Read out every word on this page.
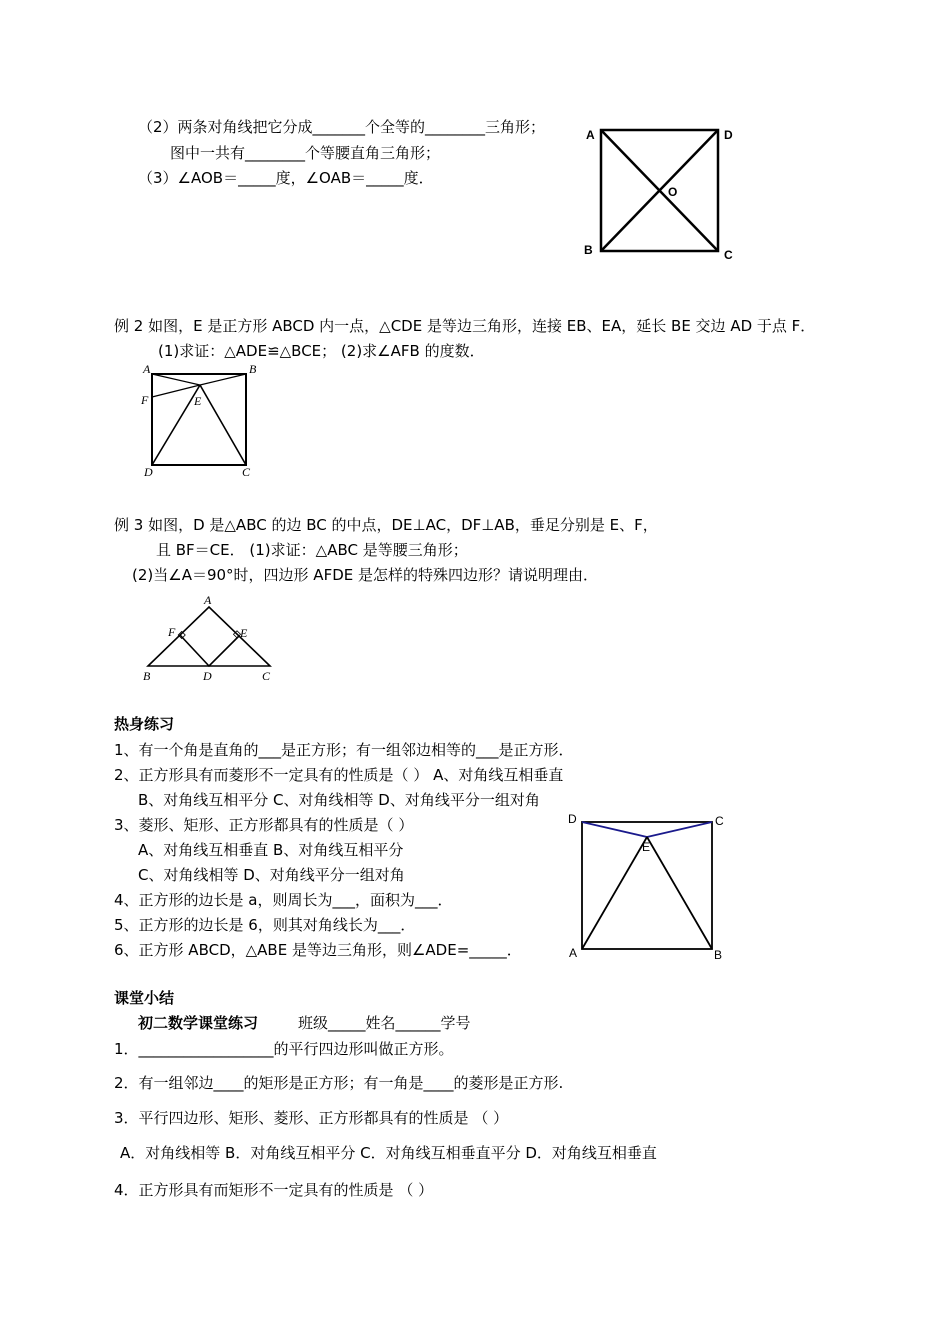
（2）两条对角线把它分成_______个全等的________三角形；
图中一共有________个等腰直角三角形；
（3）∠AOB＝_____度，∠OAB＝_____度．
A	D
O
B	C
例 2 如图，E 是正方形 ABCD 内一点，△CDE 是等边三角形，连接 EB、EA，延长 BE 交边 AD 于点 F．
(1)求证：△ADE≌△BCE； (2)求∠AFB 的度数．
A	B
F	E
D	C
例 3 如图，D 是△ABC 的边 BC 的中点，DE⊥AC，DF⊥AB，垂足分别是 E、F，
且 BF＝CE． (1)求证：△ABC 是等腰三角形；
(2)当∠A＝90°时，四边形 AFDE 是怎样的特殊四边形？请说明理由．
A
F	E
B	D	C
热身练习
1、有一个角是直角的___是正方形；有一组邻边相等的___是正方形．
2、正方形具有而菱形不一定具有的性质是（ ） A、对角线互相垂直
B、对角线互相平分 C、对角线相等 D、对角线平分一组对角
3、菱形、矩形、正方形都具有的性质是（ ）
A、对角线互相垂直 B、对角线互相平分
C、对角线相等 D、对角线平分一组对角
4、正方形的边长是 a，则周长为___，面积为___．
5、正方形的边长是 6，则其对角线长为___．
6、正方形 ABCD，△ABE 是等边三角形，则∠ADE=_____．
D	C
E
A	B
课堂小结
初二数学课堂练习	班级_____姓名______学号
1．__________________的平行四边形叫做正方形。
2．有一组邻边____的矩形是正方形；有一角是____的菱形是正方形.
3．平行四边形、矩形、菱形、正方形都具有的性质是 （ ）
A．对角线相等 B．对角线互相平分 C．对角线互相垂直平分 D．对角线互相垂直
4．正方形具有而矩形不一定具有的性质是 （ ）
